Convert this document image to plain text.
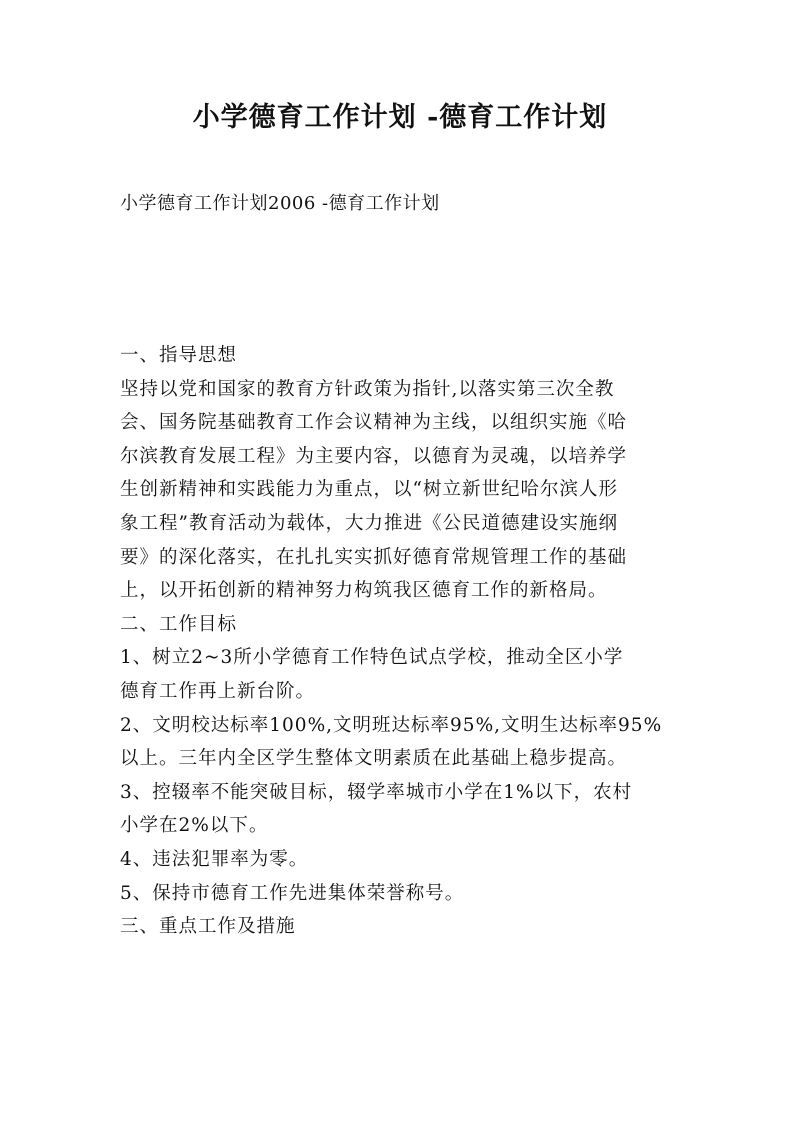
小学德育工作计划 -德育工作计划
小学德育工作计划2006 -德育工作计划
一、指导思想
坚持以党和国家的教育方针政策为指针,以落实第三次全教
会、国务院基础教育工作会议精神为主线，以组织实施《哈
尔滨教育发展工程》为主要内容，以德育为灵魂，以培养学
生创新精神和实践能力为重点，以“树立新世纪哈尔滨人形
象工程”教育活动为载体，大力推进《公民道德建设实施纲
要》的深化落实，在扎扎实实抓好德育常规管理工作的基础
上，以开拓创新的精神努力构筑我区德育工作的新格局。
二、工作目标
1、树立2~3所小学德育工作特色试点学校，推动全区小学
德育工作再上新台阶。
2、文明校达标率100%,文明班达标率95%,文明生达标率95%
以上。三年内全区学生整体文明素质在此基础上稳步提高。
3、控辍率不能突破目标，辍学率城市小学在1%以下，农村
小学在2%以下。
4、违法犯罪率为零。
5、保持市德育工作先进集体荣誉称号。
三、重点工作及措施
